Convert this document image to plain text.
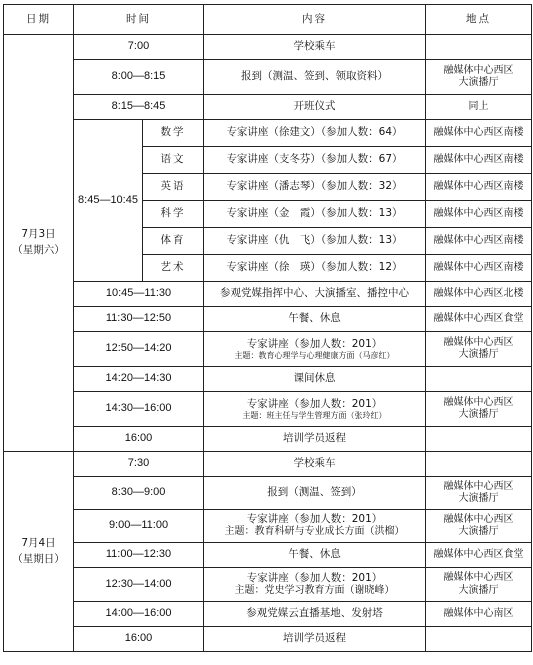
日期	时间		内容	地点

7月3日
（星期六）	7:00		学校乘车	
	8:00—8:15		报到（测温、签到、领取资料）	融媒体中心西区
大演播厅

	8:15—8:45		开班仪式	同上
	8:45—10:45	数学	专家讲座（徐建文）（参加人数：64）	融媒体中心西区南楼
		语文	专家讲座（支冬芬）（参加人数：67）	融媒体中心西区南楼
		英语	专家讲座（潘志琴）（参加人数：32）	融媒体中心西区南楼
		科学	专家讲座（金　霞）（参加人数：13）	融媒体中心西区南楼
		体育	专家讲座（仇　飞）（参加人数：13）	融媒体中心西区南楼
		艺术	专家讲座（徐　瑛）（参加人数：12）	融媒体中心西区南楼
	10:45—11:30		参观党媒指挥中心、大演播室、播控中心	融媒体中心西区北楼
	11:30—12:50		午餐、休息	融媒体中心西区食堂
	12:50—14:20		专家讲座（参加人数：201）
主题：教育心理学与心理健康方面（马彦红）	融媒体中心西区
大演播厅

	14:20—14:30		课间休息	
	14:30—16:00		专家讲座（参加人数：201）
主题：班主任与学生管理方面（张玲红）	融媒体中心西区
大演播厅

	16:00		培训学员返程	

7月4日
（星期日）	7:30		学校乘车	
	8:30—9:00		报到（测温、签到）	融媒体中心西区
大演播厅

	9:00—11:00		专家讲座（参加人数：201）
主题：教育科研与专业成长方面（洪榴）	融媒体中心西区
大演播厅

	11:00—12:30		午餐、休息	融媒体中心西区食堂
	12:30—14:00		专家讲座（参加人数：201）
主题：党史学习教育方面（谢晓峰）	融媒体中心西区
大演播厅

	14:00—16:00		参观党媒云直播基地、发射塔	融媒体中心南区
	16:00		培训学员返程	
